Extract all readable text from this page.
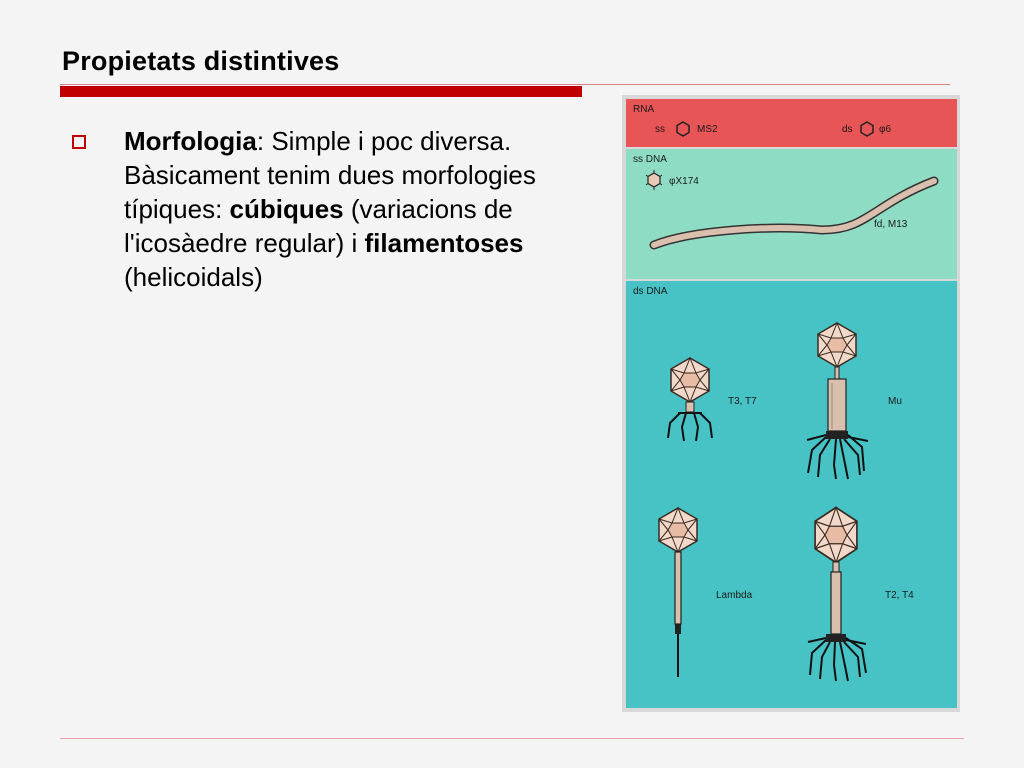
Propietats distintives
Morfologia: Simple i poc diversa. Bàsicament tenim dues morfologies típiques: cúbiques (variacions de l'icosàedre regular) i filamentoses (helicoidals)
RNA
ss	MS2	ds	φ6
ss DNA
φX174
fd, M13
ds DNA
T3, T7	Mu
Lambda	T2, T4
